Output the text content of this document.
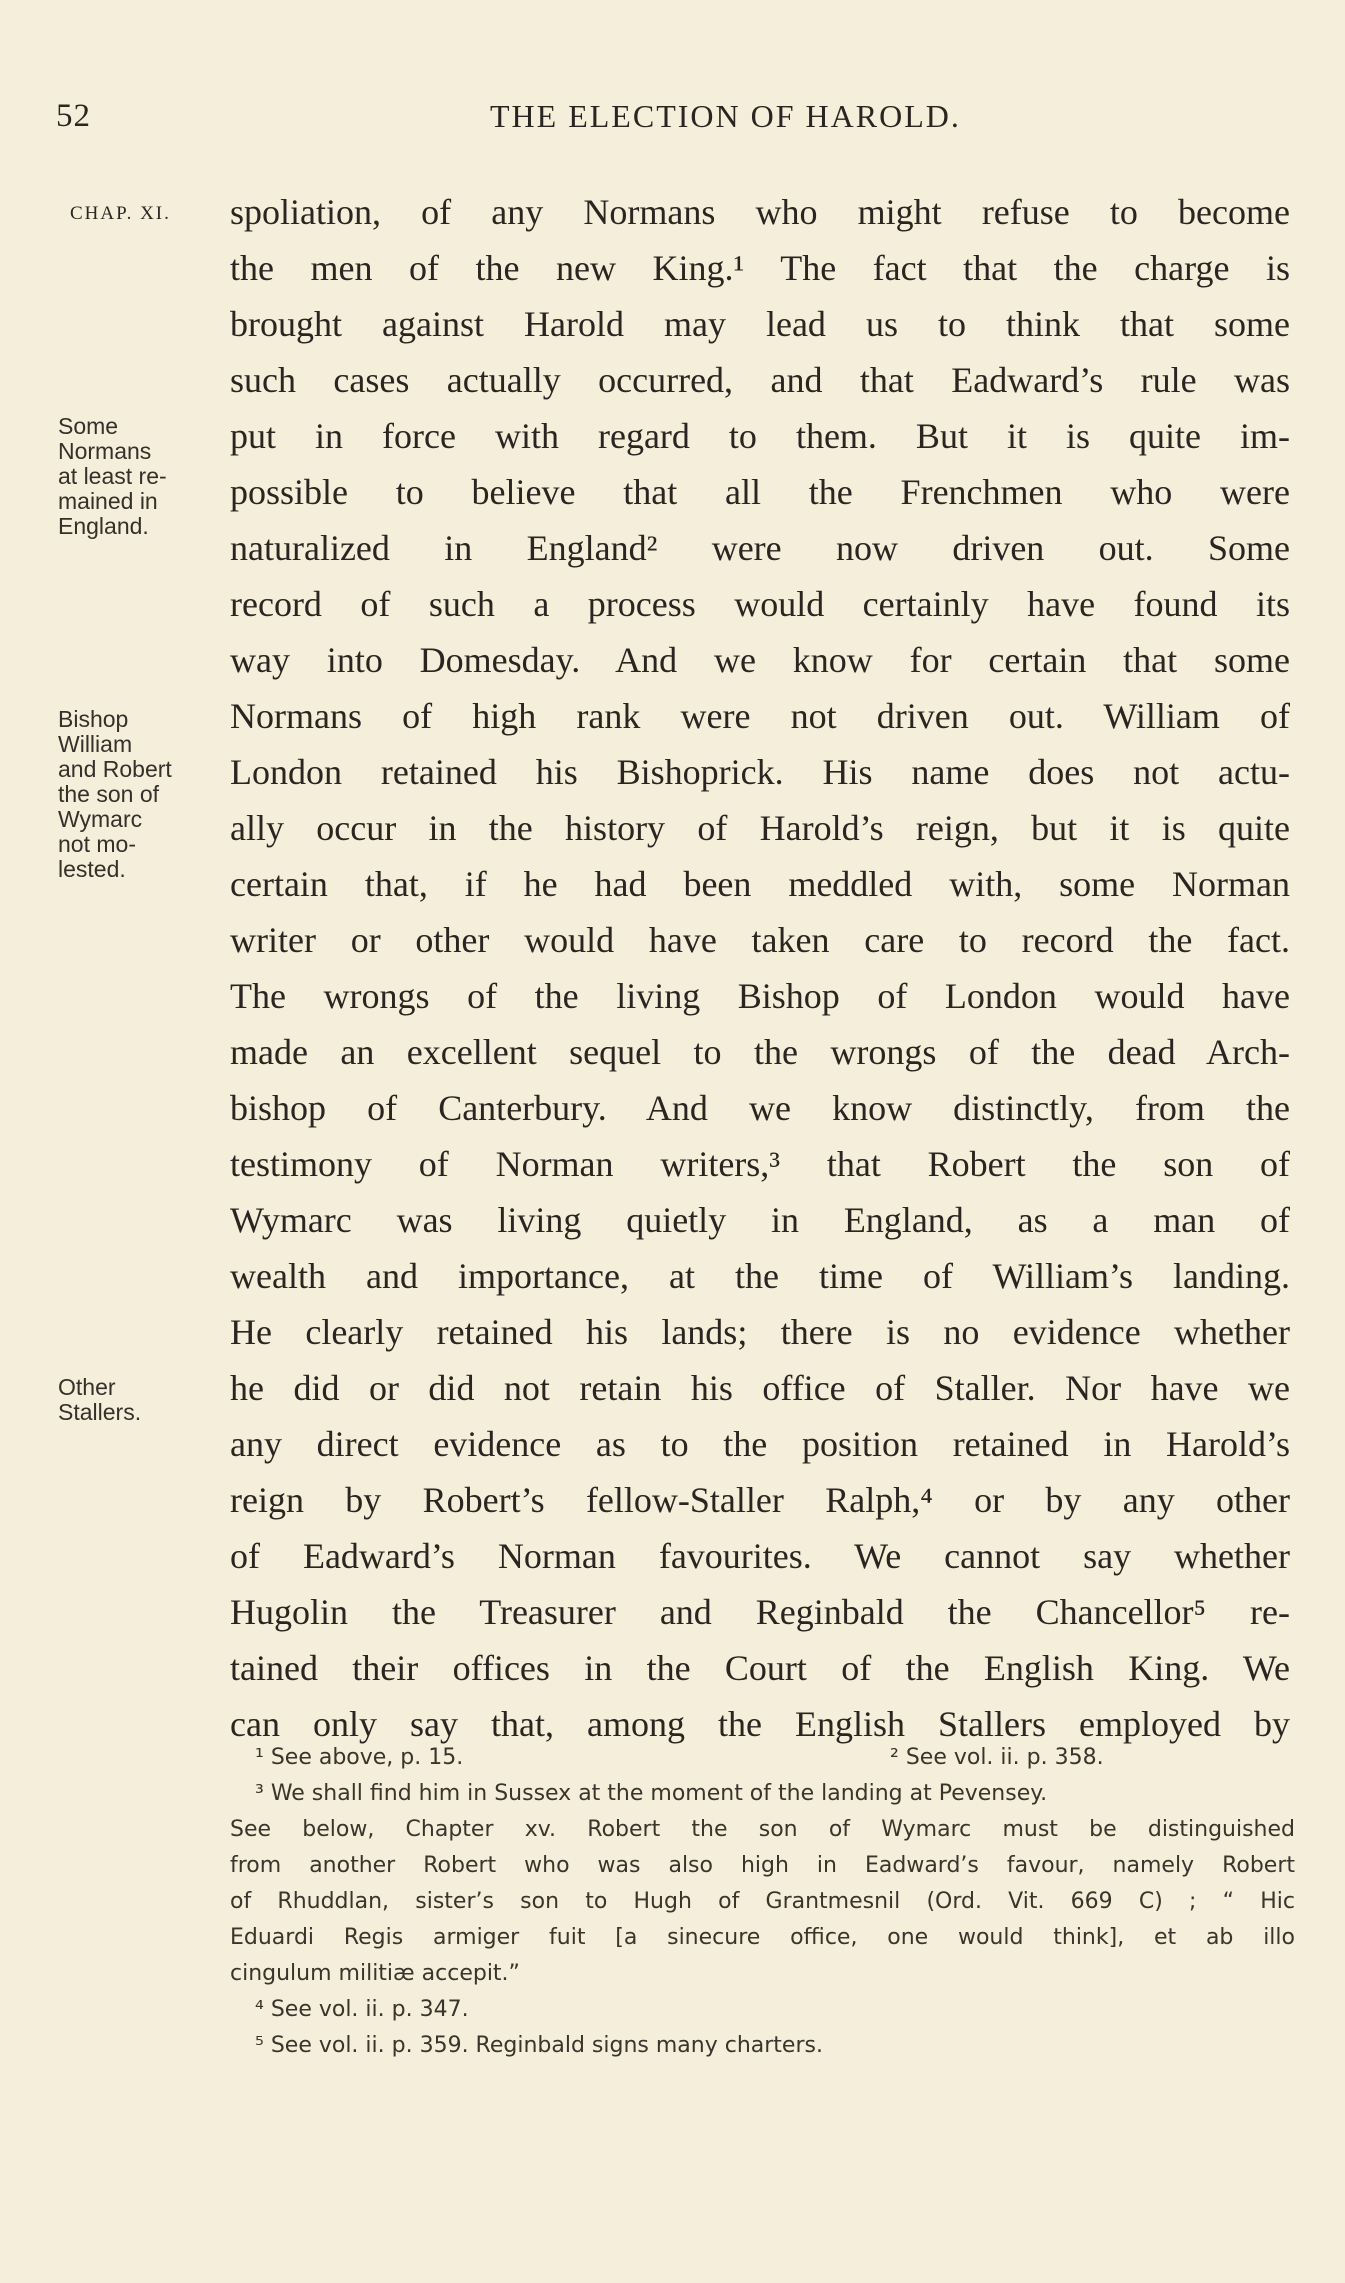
52	THE ELECTION OF HAROLD.
CHAP. XI.
Some
Normans
at least re-
mained in
England.
Bishop
William
and Robert
the son of
Wymarc
not mo-
lested.
Other
Stallers.
spoliation, of any Normans who might refuse to become
the men of the new King.¹ The fact that the charge is
brought against Harold may lead us to think that some
such cases actually occurred, and that Eadward’s rule was
put in force with regard to them. But it is quite im-
possible to believe that all the Frenchmen who were
naturalized in England² were now driven out. Some
record of such a process would certainly have found its
way into Domesday. And we know for certain that some
Normans of high rank were not driven out. William of
London retained his Bishoprick. His name does not actu-
ally occur in the history of Harold’s reign, but it is quite
certain that, if he had been meddled with, some Norman
writer or other would have taken care to record the fact.
The wrongs of the living Bishop of London would have
made an excellent sequel to the wrongs of the dead Arch-
bishop of Canterbury. And we know distinctly, from the
testimony of Norman writers,³ that Robert the son of
Wymarc was living quietly in England, as a man of
wealth and importance, at the time of William’s landing.
He clearly retained his lands; there is no evidence whether
he did or did not retain his office of Staller. Nor have we
any direct evidence as to the position retained in Harold’s
reign by Robert’s fellow-Staller Ralph,⁴ or by any other
of Eadward’s Norman favourites. We cannot say whether
Hugolin the Treasurer and Reginbald the Chancellor⁵ re-
tained their offices in the Court of the English King. We
can only say that, among the English Stallers employed by
¹ See above, p. 15.	² See vol. ii. p. 358.
³ We shall find him in Sussex at the moment of the landing at Pevensey.
See below, Chapter xv. Robert the son of Wymarc must be distinguished
from another Robert who was also high in Eadward’s favour, namely Robert
of Rhuddlan, sister’s son to Hugh of Grantmesnil (Ord. Vit. 669 C) ; “ Hic
Eduardi Regis armiger fuit [a sinecure office, one would think], et ab illo
cingulum militiæ accepit.”
⁴ See vol. ii. p. 347.
⁵ See vol. ii. p. 359. Reginbald signs many charters.
